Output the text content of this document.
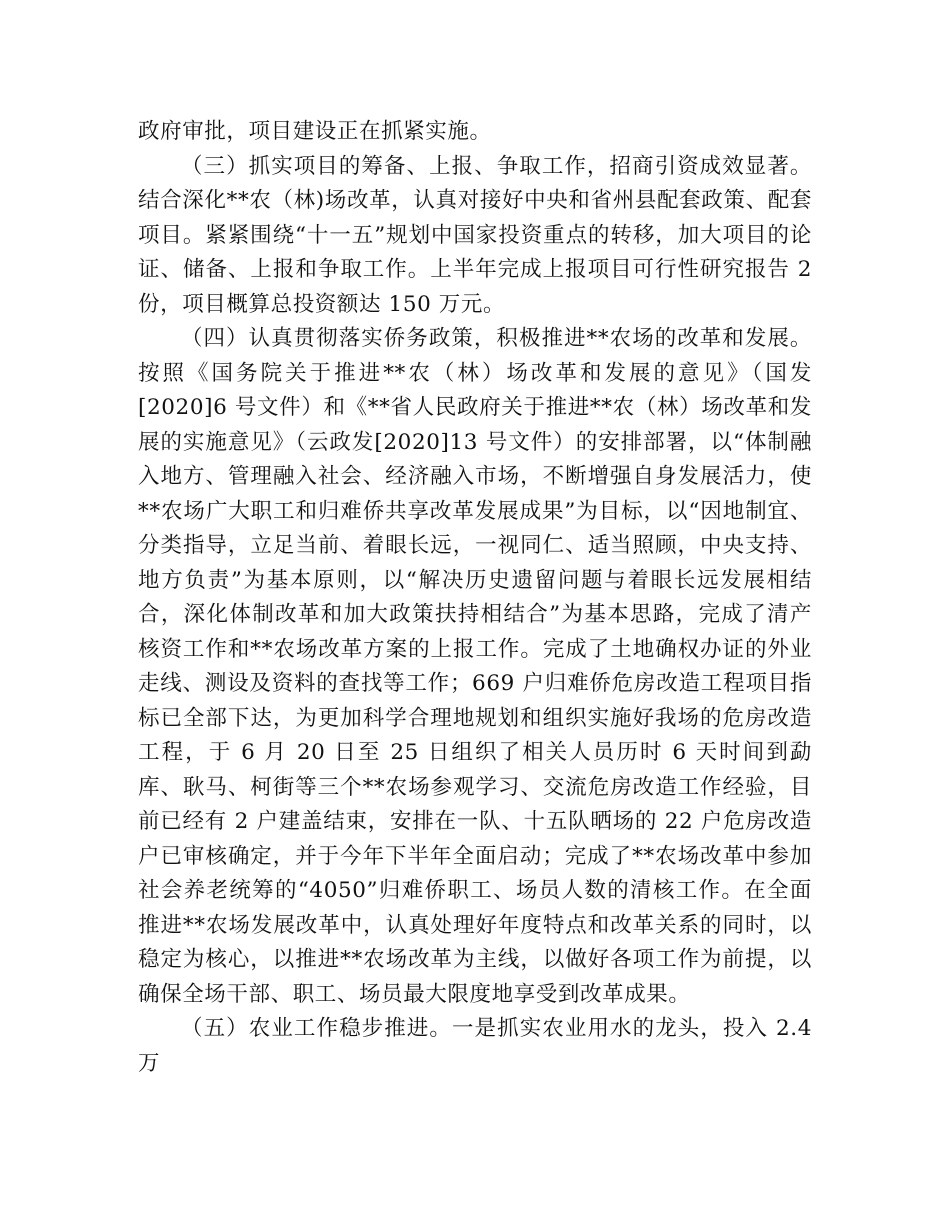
政府审批，项目建设正在抓紧实施。

（三）抓实项目的筹备、上报、争取工作，招商引资成效显著。结合深化**农（林)场改革，认真对接好中央和省州县配套政策、配套项目。紧紧围绕“十一五”规划中国家投资重点的转移，加大项目的论证、储备、上报和争取工作。上半年完成上报项目可行性研究报告 2 份，项目概算总投资额达 150 万元。

（四）认真贯彻落实侨务政策，积极推进**农场的改革和发展。按照《国务院关于推进**农（林）场改革和发展的意见》（国发[2020]6 号文件）和《**省人民政府关于推进**农（林）场改革和发展的实施意见》（云政发[2020]13 号文件）的安排部署，以“体制融入地方、管理融入社会、经济融入市场，不断增强自身发展活力，使**农场广大职工和归难侨共享改革发展成果”为目标，以“因地制宜、分类指导，立足当前、着眼长远，一视同仁、适当照顾，中央支持、地方负责”为基本原则，以“解决历史遗留问题与着眼长远发展相结合，深化体制改革和加大政策扶持相结合”为基本思路，完成了清产核资工作和**农场改革方案的上报工作。完成了土地确权办证的外业走线、测设及资料的查找等工作；669 户归难侨危房改造工程项目指标已全部下达，为更加科学合理地规划和组织实施好我场的危房改造工程，于 6 月 20 日至 25 日组织了相关人员历时 6 天时间到勐库、耿马、柯街等三个**农场参观学习、交流危房改造工作经验，目前已经有 2 户建盖结束，安排在一队、十五队晒场的 22 户危房改造户已审核确定，并于今年下半年全面启动；完成了**农场改革中参加社会养老统筹的“4050”归难侨职工、场员人数的清核工作。在全面推进**农场发展改革中，认真处理好年度特点和改革关系的同时，以稳定为核心，以推进**农场改革为主线，以做好各项工作为前提，以确保全场干部、职工、场员最大限度地享受到改革成果。

（五）农业工作稳步推进。一是抓实农业用水的龙头，投入 2.4 万
